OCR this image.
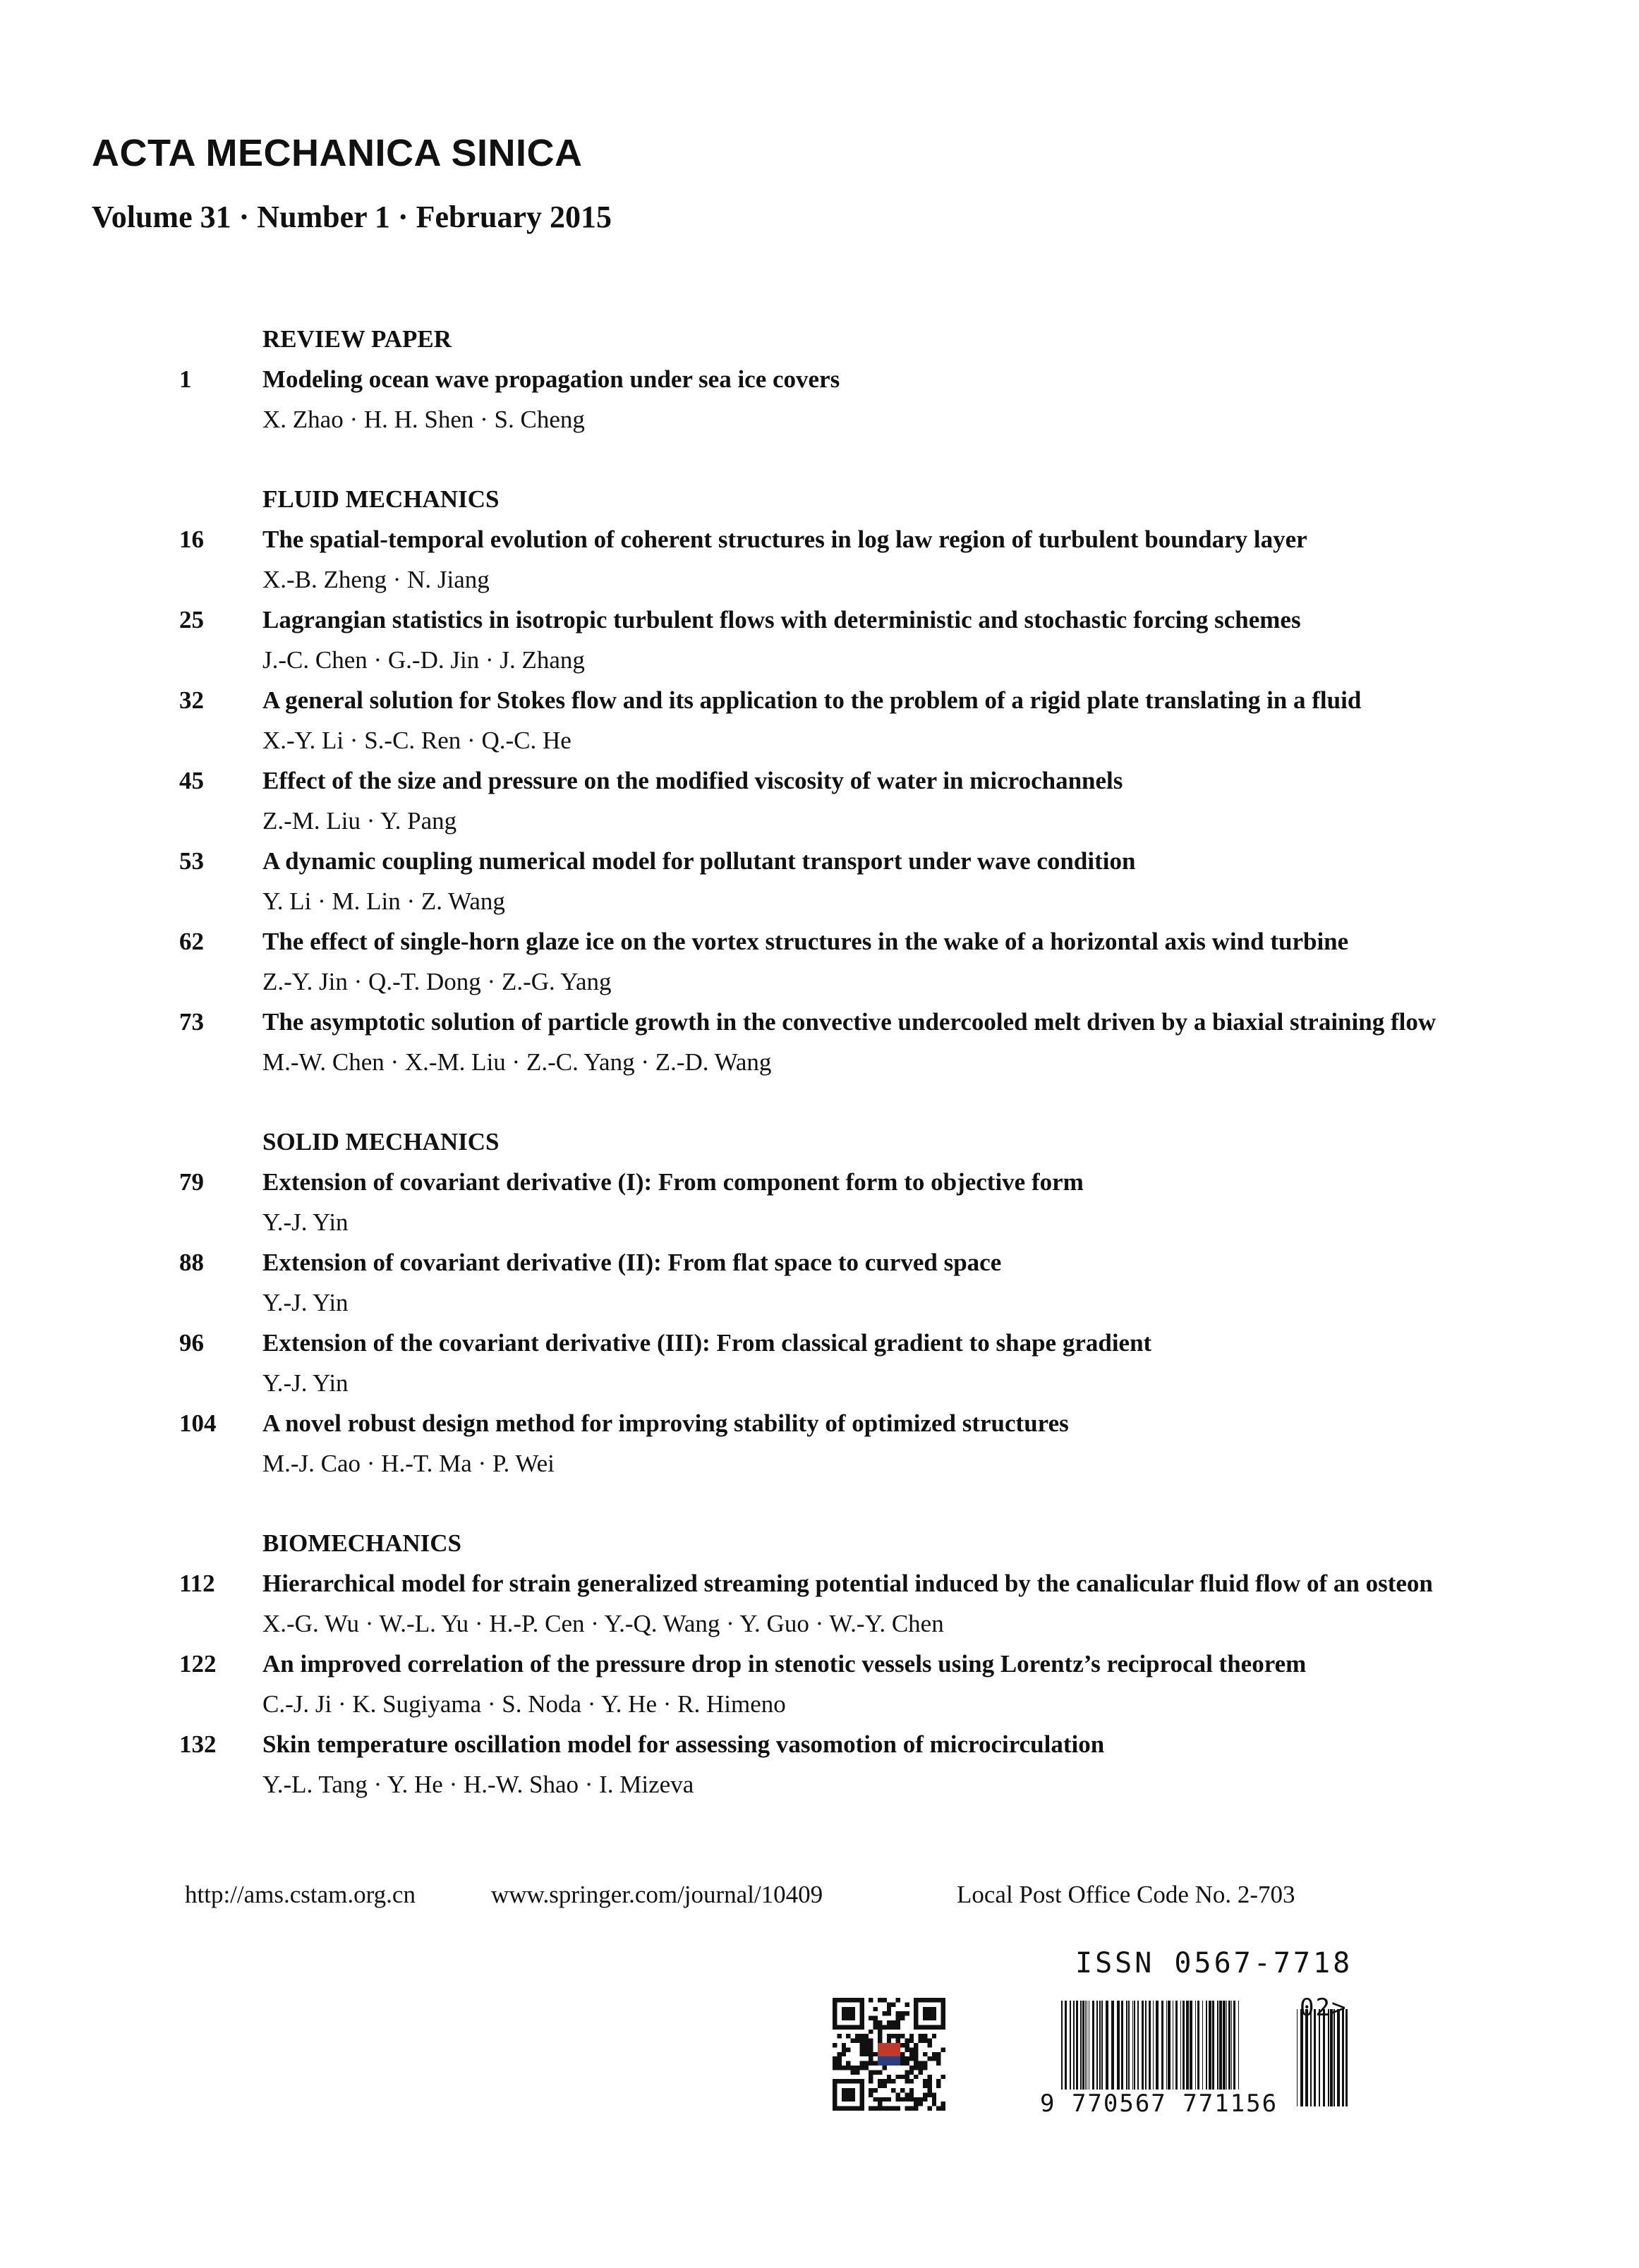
ACTA MECHANICA SINICA
Volume 31 · Number 1 · February 2015
REVIEW PAPER
1	Modeling ocean wave propagation under sea ice covers
X. Zhao · H. H. Shen · S. Cheng
FLUID MECHANICS
16 The spatial-temporal evolution of coherent structures in log law region of turbulent boundary layer
X.-B. Zheng · N. Jiang
25 Lagrangian statistics in isotropic turbulent flows with deterministic and stochastic forcing schemes
J.-C. Chen · G.-D. Jin · J. Zhang
32 A general solution for Stokes flow and its application to the problem of a rigid plate translating in a fluid
X.-Y. Li · S.-C. Ren · Q.-C. He
45 Effect of the size and pressure on the modified viscosity of water in microchannels
Z.-M. Liu · Y. Pang
53 A dynamic coupling numerical model for pollutant transport under wave condition
Y. Li · M. Lin · Z. Wang
62 The effect of single-horn glaze ice on the vortex structures in the wake of a horizontal axis wind turbine
Z.-Y. Jin · Q.-T. Dong · Z.-G. Yang
73 The asymptotic solution of particle growth in the convective undercooled melt driven by a biaxial straining flow
M.-W. Chen · X.-M. Liu · Z.-C. Yang · Z.-D. Wang
SOLID MECHANICS
79 Extension of covariant derivative (I): From component form to objective form
Y.-J. Yin
88 Extension of covariant derivative (II): From flat space to curved space
Y.-J. Yin
96 Extension of the covariant derivative (III): From classical gradient to shape gradient
Y.-J. Yin
104 A novel robust design method for improving stability of optimized structures
M.-J. Cao · H.-T. Ma · P. Wei
BIOMECHANICS
112 Hierarchical model for strain generalized streaming potential induced by the canalicular fluid flow of an osteon
X.-G. Wu · W.-L. Yu · H.-P. Cen · Y.-Q. Wang · Y. Guo · W.-Y. Chen
122 An improved correlation of the pressure drop in stenotic vessels using Lorentz’s reciprocal theorem
C.-J. Ji · K. Sugiyama · S. Noda · Y. He · R. Himeno
132 Skin temperature oscillation model for assessing vasomotion of microcirculation
Y.-L. Tang · Y. He · H.-W. Shao · I. Mizeva
http://ams.cstam.org.cn	www.springer.com/journal/10409	Local Post Office Code No. 2-703
ISSN 0567-7718
02>
9 770567 771156
